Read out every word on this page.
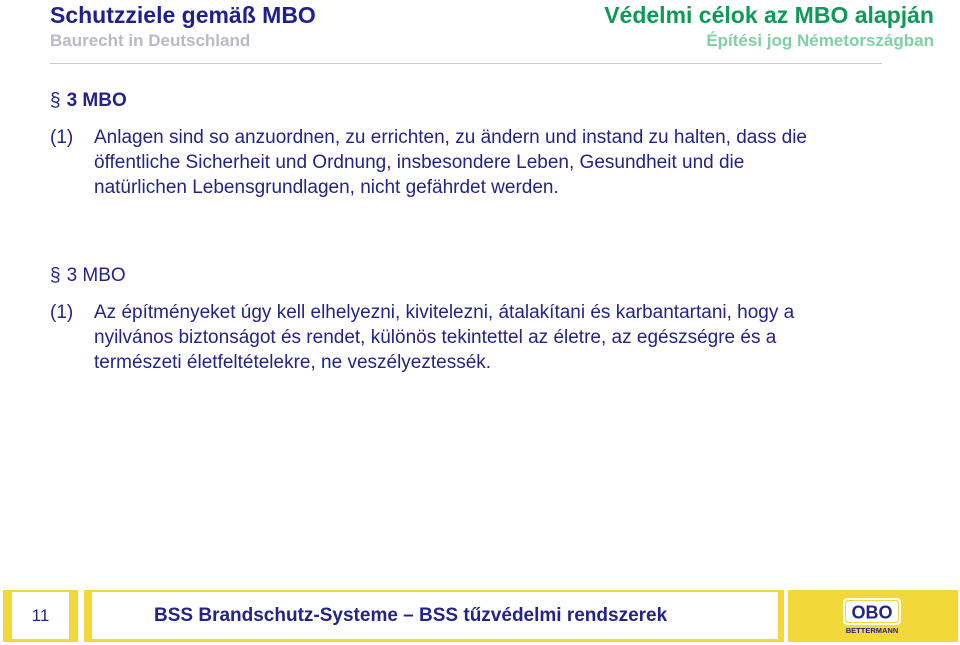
Schutzziele gemäß MBO
Baurecht in Deutschland
Védelmi célok az MBO alapján
Építési jog Németországban
§ 3 MBO
(1)	Anlagen sind so anzuordnen, zu errichten, zu ändern und instand zu halten, dass die öffentliche Sicherheit und Ordnung, insbesondere Leben, Gesundheit und die natürlichen Lebensgrundlagen, nicht gefährdet werden.
§ 3 MBO
(1)	Az építményeket úgy kell elhelyezni, kivitelezni, átalakítani és karbantartani, hogy a nyilvános biztonságot és rendet, különös tekintettel az életre, az egészségre és a természeti életfeltételekre, ne veszélyeztessék.
11	BSS Brandschutz-Systeme – BSS tűzvédelmi rendszerek	OBO
BETTERMANN
